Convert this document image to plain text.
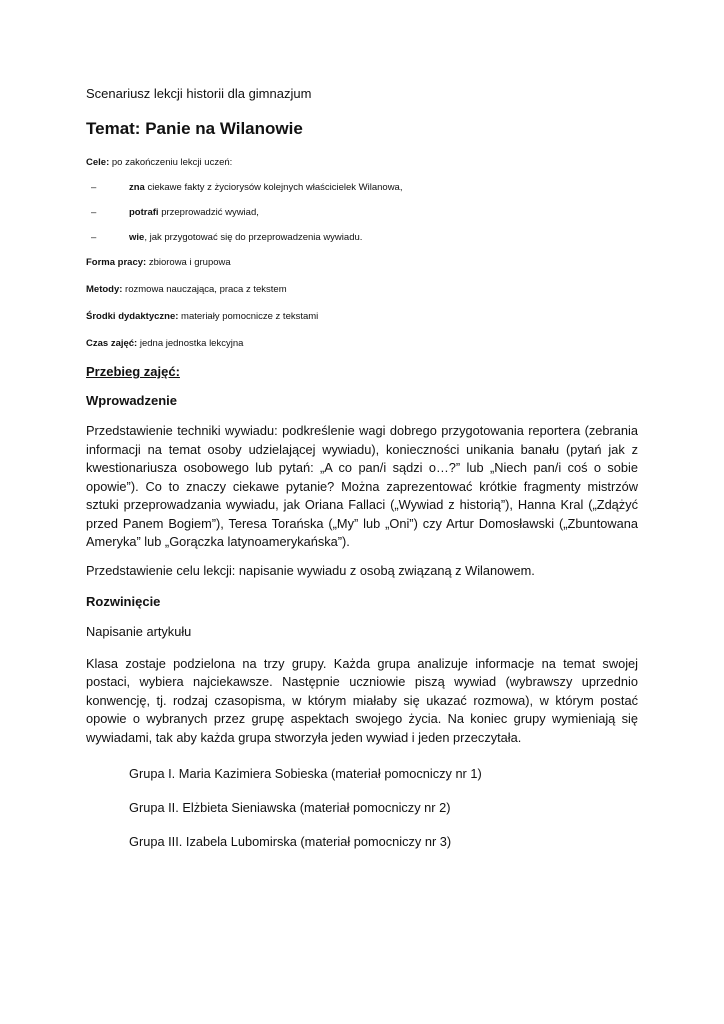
Scenariusz lekcji historii dla gimnazjum
Temat: Panie na Wilanowie
Cele: po zakończeniu lekcji uczeń:
–	zna ciekawe fakty z życiorysów kolejnych właścicielek Wilanowa,
–	potrafi przeprowadzić wywiad,
–	wie, jak przygotować się do przeprowadzenia wywiadu.
Forma pracy: zbiorowa i grupowa
Metody: rozmowa nauczająca, praca z tekstem
Środki dydaktyczne: materiały pomocnicze z tekstami
Czas zajęć: jedna jednostka lekcyjna
Przebieg zajęć:
Wprowadzenie

Przedstawienie techniki wywiadu: podkreślenie wagi dobrego przygotowania reportera (zebrania informacji na temat osoby udzielającej wywiadu), konieczności unikania banału (pytań jak z kwestionariusza osobowego lub pytań: „A co pan/i sądzi o…?” lub „Niech pan/i coś o sobie opowie”). Co to znaczy ciekawe pytanie? Można zaprezentować krótkie fragmenty mistrzów sztuki przeprowadzania wywiadu, jak Oriana Fallaci („Wywiad z historią”), Hanna Kral („Zdążyć przed Panem Bogiem”), Teresa Torańska („My” lub „Oni”) czy Artur Domosławski („Zbuntowana Ameryka” lub „Gorączka latynoamerykańska”).

Przedstawienie celu lekcji: napisanie wywiadu z osobą związaną z Wilanowem.

Rozwinięcie

Napisanie artykułu

Klasa zostaje podzielona na trzy grupy. Każda grupa analizuje informacje na temat swojej postaci, wybiera najciekawsze. Następnie uczniowie piszą wywiad (wybrawszy uprzednio konwencję, tj. rodzaj czasopisma, w którym miałaby się ukazać rozmowa), w którym postać opowie o wybranych przez grupę aspektach swojego życia. Na koniec grupy wymieniają się wywiadami, tak aby każda grupa stworzyła jeden wywiad i jeden przeczytała.

Grupa I. Maria Kazimiera Sobieska (materiał pomocniczy nr 1)
Grupa II. Elżbieta Sieniawska (materiał pomocniczy nr 2)
Grupa III. Izabela Lubomirska (materiał pomocniczy nr 3)
